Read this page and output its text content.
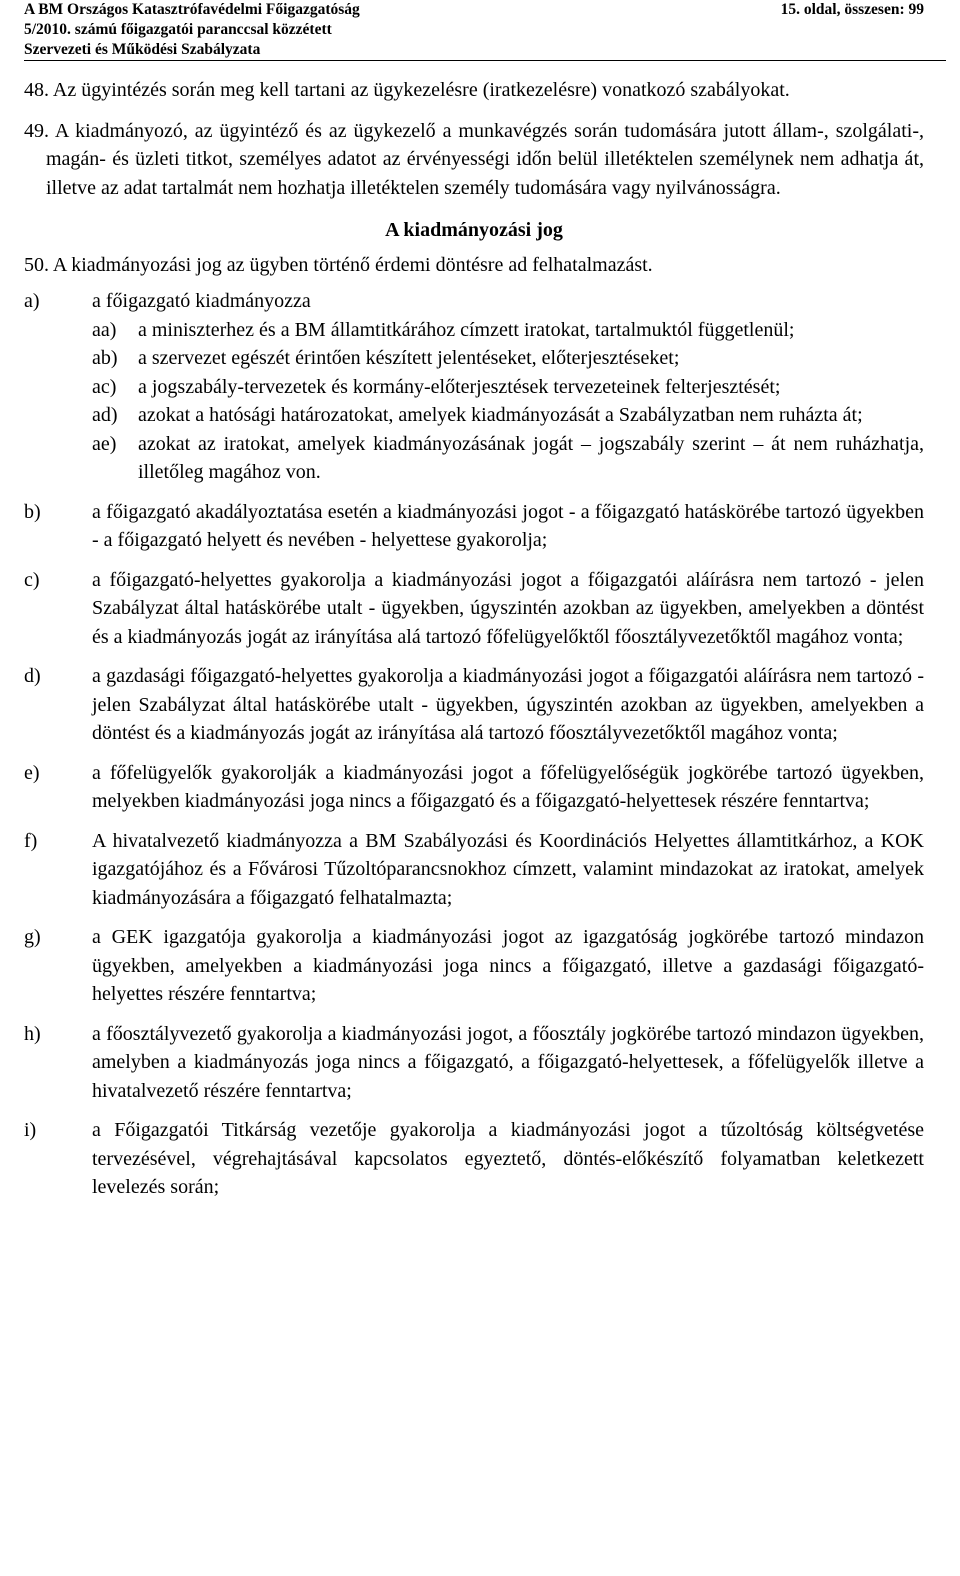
A BM Országos Katasztrófavédelmi Főigazgatóság	15. oldal, összesen: 99
5/2010. számú főigazgatói paranccsal közzétett
Szervezeti és Működési Szabályzata
48. Az ügyintézés során meg kell tartani az ügykezelésre (iratkezelésre) vonatkozó szabályokat.
49. A kiadmányozó, az ügyintéző és az ügykezelő a munkavégzés során tudomására jutott állam-, szolgálati-, magán- és üzleti titkot, személyes adatot az érvényességi időn belül illetéktelen személynek nem adhatja át, illetve az adat tartalmát nem hozhatja illetéktelen személy tudomására vagy nyilvánosságra.
A kiadmányozási jog
50. A kiadmányozási jog az ügyben történő érdemi döntésre ad felhatalmazást.
a)	a főigazgató kiadmányozza
aa) a miniszterhez és a BM államtitkárához címzett iratokat, tartalmuktól függetlenül;
ab) a szervezet egészét érintően készített jelentéseket, előterjesztéseket;
ac) a jogszabály-tervezetek és kormány-előterjesztések tervezeteinek felterjesztését;
ad) azokat a hatósági határozatokat, amelyek kiadmányozását a Szabályzatban nem ruházta át;
ae) azokat az iratokat, amelyek kiadmányozásának jogát – jogszabály szerint – át nem ruházhatja, illetőleg magához von.
b)	a főigazgató akadályoztatása esetén a kiadmányozási jogot - a főigazgató hatáskörébe tartozó ügyekben - a főigazgató helyett és nevében - helyettese gyakorolja;
c)	a főigazgató-helyettes gyakorolja a kiadmányozási jogot a főigazgatói aláírásra nem tartozó - jelen Szabályzat által hatáskörébe utalt - ügyekben, úgyszintén azokban az ügyekben, amelyekben a döntést és a kiadmányozás jogát az irányítása alá tartozó főfelügyelőktől főosztályvezetőktől magához vonta;
d)	a gazdasági főigazgató-helyettes gyakorolja a kiadmányozási jogot a főigazgatói aláírásra nem tartozó - jelen Szabályzat által hatáskörébe utalt - ügyekben, úgyszintén azokban az ügyekben, amelyekben a döntést és a kiadmányozás jogát az irányítása alá tartozó főosztályvezetőktől magához vonta;
e)	a főfelügyelők gyakorolják a kiadmányozási jogot a főfelügyelőségük jogkörébe tartozó ügyekben, melyekben kiadmányozási joga nincs a főigazgató és a főigazgató-helyettesek részére fenntartva;
f)	A hivatalvezető kiadmányozza a BM Szabályozási és Koordinációs Helyettes államtitkárhoz, a KOK igazgatójához és a Fővárosi Tűzoltóparancsnokhoz címzett, valamint mindazokat az iratokat, amelyek kiadmányozására a főigazgató felhatalmazta;
g)	a GEK igazgatója gyakorolja a kiadmányozási jogot az igazgatóság jogkörébe tartozó mindazon ügyekben, amelyekben a kiadmányozási joga nincs a főigazgató, illetve a gazdasági főigazgató-helyettes részére fenntartva;
h)	a főosztályvezető gyakorolja a kiadmányozási jogot, a főosztály jogkörébe tartozó mindazon ügyekben, amelyben a kiadmányozás joga nincs a főigazgató, a főigazgató-helyettesek, a főfelügyelők illetve a hivatalvezető részére fenntartva;
i)	a Főigazgatói Titkárság vezetője gyakorolja a kiadmányozási jogot a tűzoltóság költségvetése tervezésével, végrehajtásával kapcsolatos egyeztető, döntés-előkészítő folyamatban keletkezett levelezés során;
